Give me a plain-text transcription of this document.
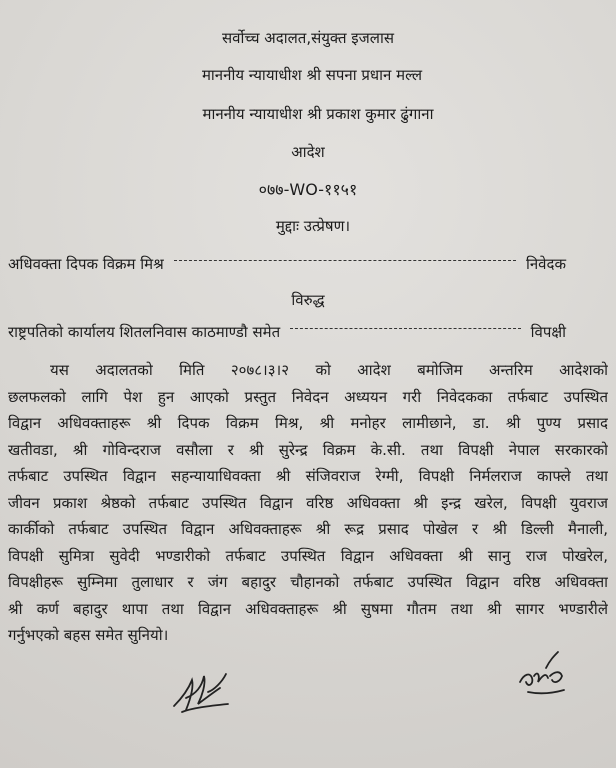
सर्वोच्च अदालत,संयुक्त इजलास
माननीय न्यायाधीश श्री सपना प्रधान मल्ल
माननीय न्यायाधीश श्री प्रकाश कुमार ढुंगाना
आदेश
०७७-WO-११५१
मुद्दाः उत्प्रेषण।
अधिवक्ता दिपक विक्रम मिश्र	निवेदक
विरुद्ध
राष्ट्रपतिको कार्यालय शितलनिवास काठमाण्डौ समेत	विपक्षी
यस अदालतको मिति २०७८।३।२ को आदेश बमोजिम अन्तरिम आदेशको
छलफलको लागि पेश हुन आएको प्रस्तुत निवेदन अध्ययन गरी निवेदकका तर्फबाट उपस्थित
विद्वान अधिवक्ताहरू श्री दिपक विक्रम मिश्र, श्री मनोहर लामीछाने, डा. श्री पुण्य प्रसाद
खतीवडा, श्री गोविन्दराज वसौला र श्री सुरेन्द्र विक्रम के.सी. तथा विपक्षी नेपाल सरकारको
तर्फबाट उपस्थित विद्वान सहन्यायाधिवक्ता श्री संजिवराज रेग्मी, विपक्षी निर्मलराज काफ्ले तथा
जीवन प्रकाश श्रेष्ठको तर्फबाट उपस्थित विद्वान वरिष्ठ अधिवक्ता श्री इन्द्र खरेल, विपक्षी युवराज
कार्कीको तर्फबाट उपस्थित विद्वान अधिवक्ताहरू श्री रूद्र प्रसाद पोखेल र श्री डिल्ली मैनाली,
विपक्षी सुमित्रा सुवेदी भण्डारीको तर्फबाट उपस्थित विद्वान अधिवक्ता श्री सानु राज पोखरेल,
विपक्षीहरू सुम्निमा तुलाधार र जंग बहादुर चौहानको तर्फबाट उपस्थित विद्वान वरिष्ठ अधिवक्ता
श्री कर्ण बहादुर थापा तथा विद्वान अधिवक्ताहरू श्री सुषमा गौतम तथा श्री सागर भण्डारीले
गर्नुभएको बहस समेत सुनियो।
